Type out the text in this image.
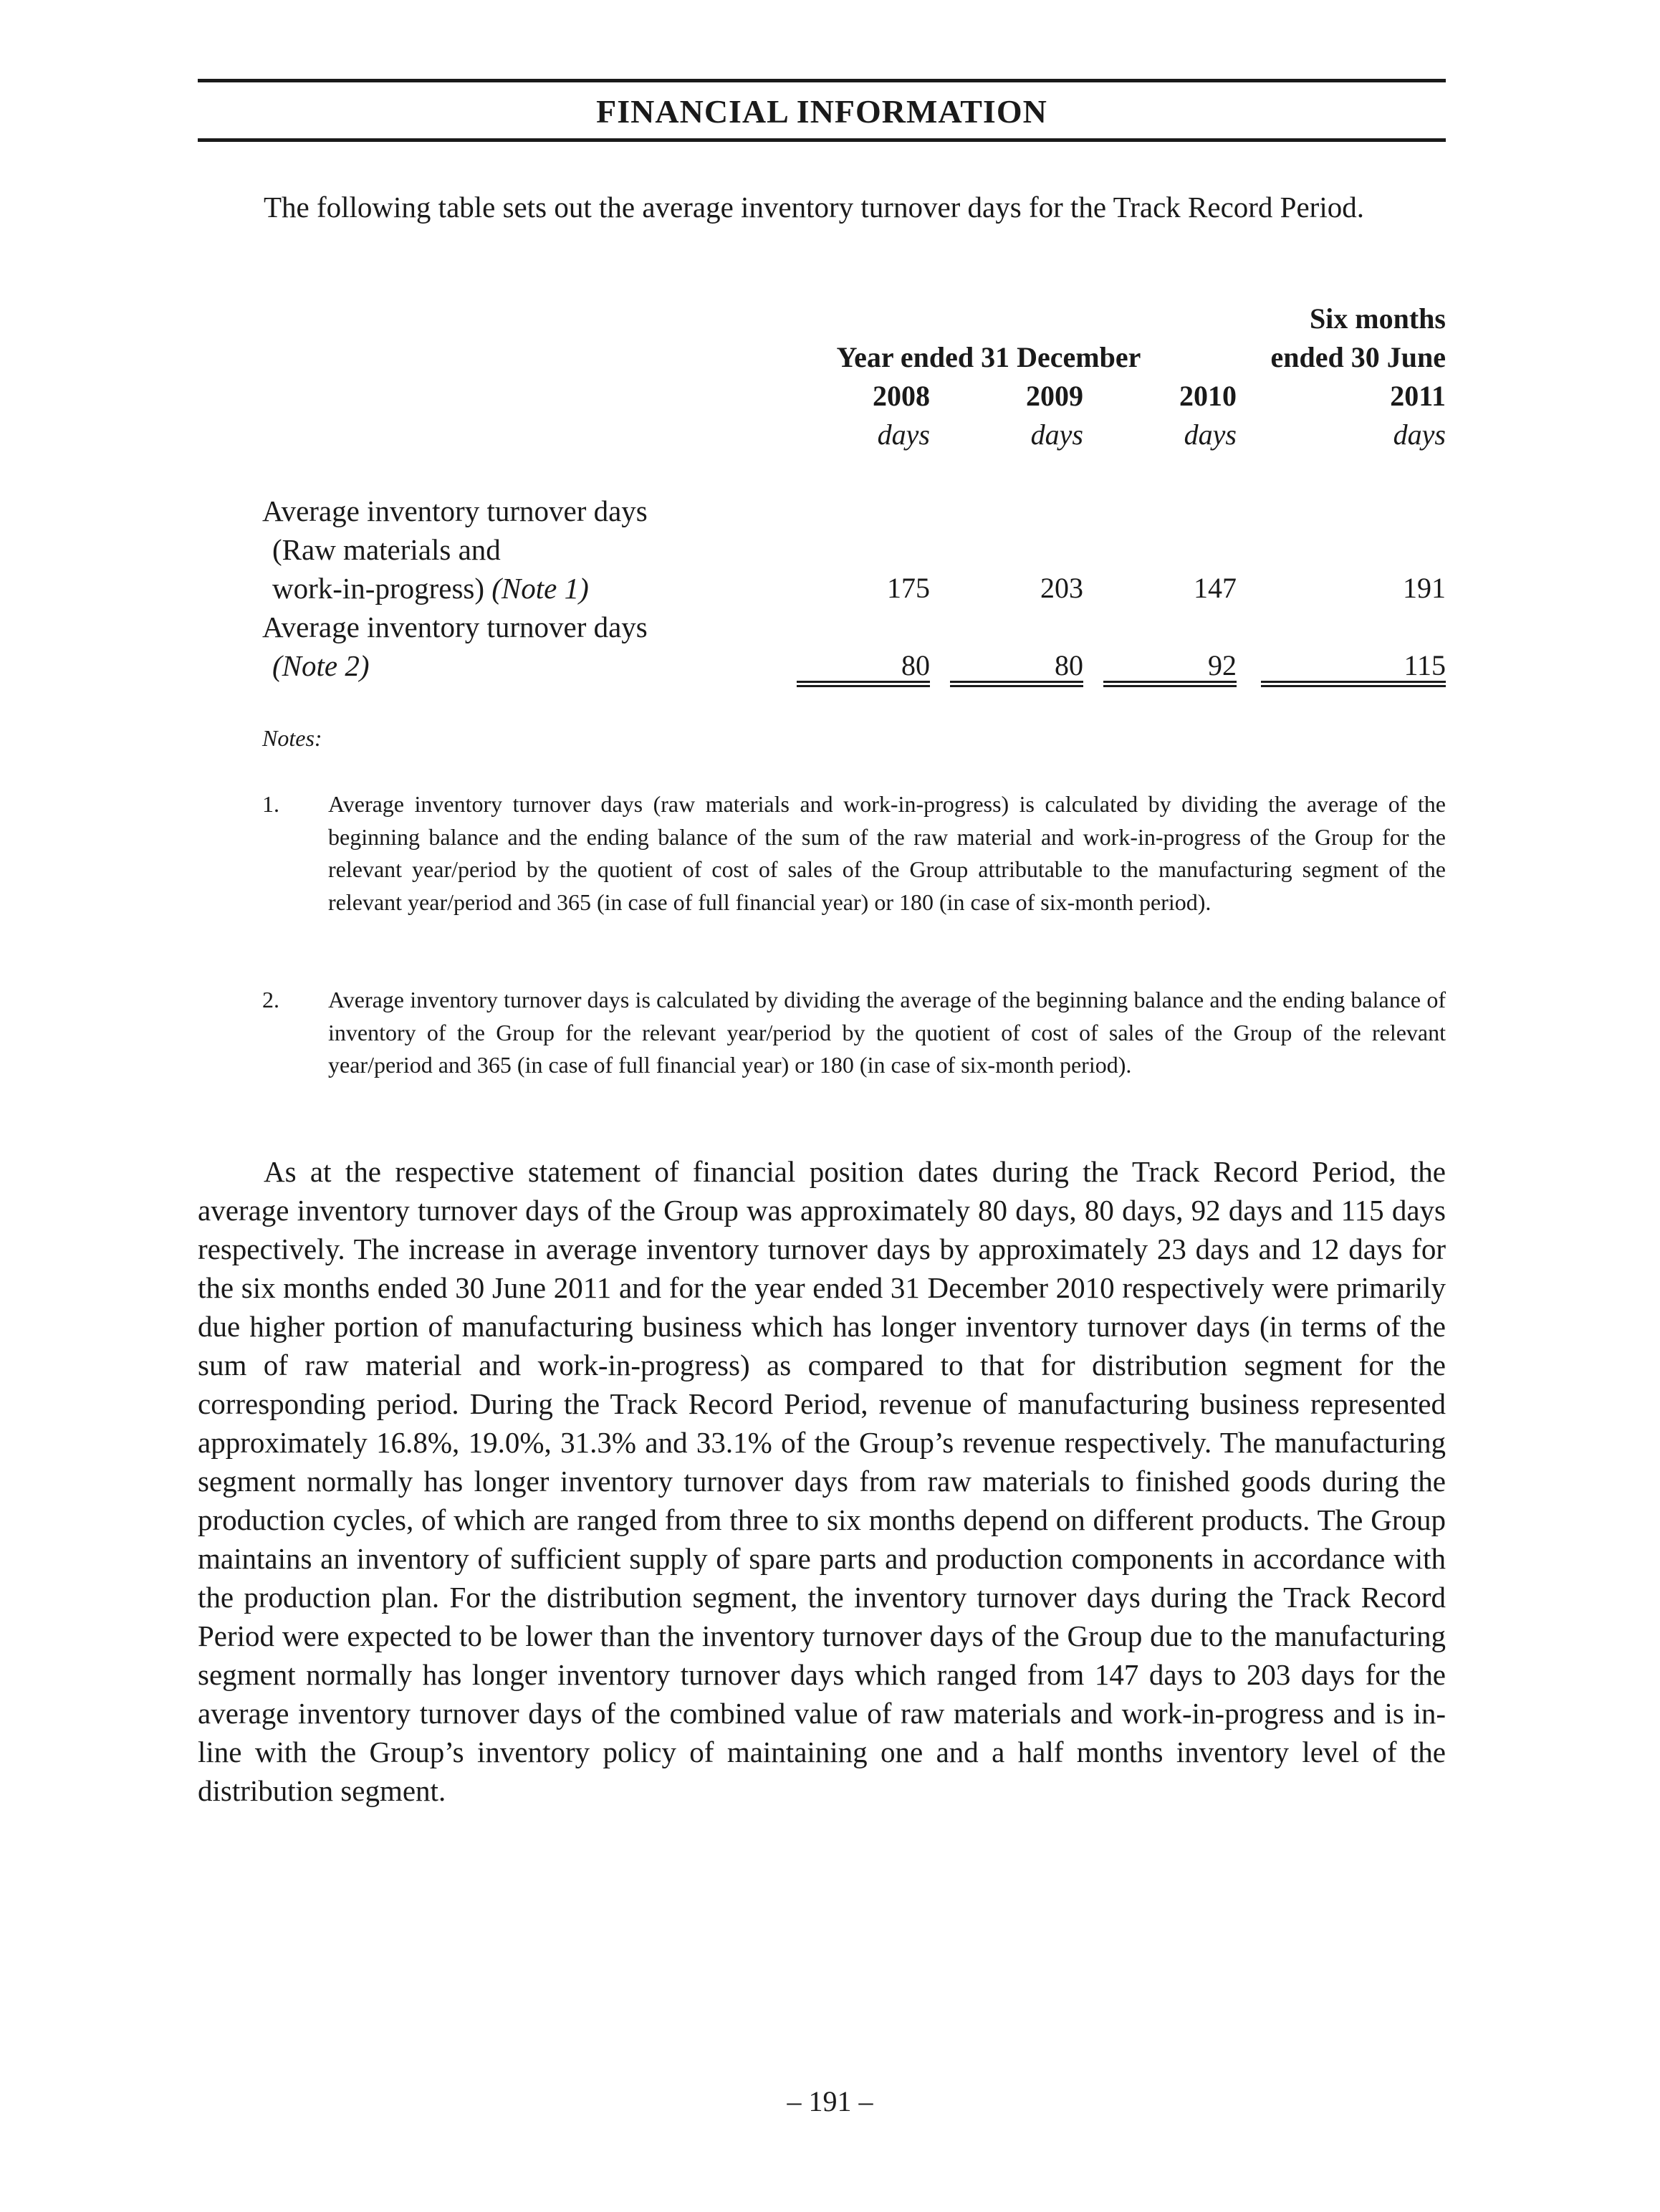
FINANCIAL INFORMATION
The following table sets out the average inventory turnover days for the Track Record Period.
Six months
Year ended 31 December	ended 30 June
2008	2009	2010	2011
days	days	days	days
Average inventory turnover days
(Raw materials and
work-in-progress) (Note 1)	175	203	147	191
Average inventory turnover days
(Note 2)	80	80	92	115
Notes:
1. Average inventory turnover days (raw materials and work-in-progress) is calculated by dividing the average of the beginning balance and the ending balance of the sum of the raw material and work-in-progress of the Group for the relevant year/period by the quotient of cost of sales of the Group attributable to the manufacturing segment of the relevant year/period and 365 (in case of full financial year) or 180 (in case of six-month period).
2. Average inventory turnover days is calculated by dividing the average of the beginning balance and the ending balance of inventory of the Group for the relevant year/period by the quotient of cost of sales of the Group of the relevant year/period and 365 (in case of full financial year) or 180 (in case of six-month period).
As at the respective statement of financial position dates during the Track Record Period, the average inventory turnover days of the Group was approximately 80 days, 80 days, 92 days and 115 days respectively. The increase in average inventory turnover days by approximately 23 days and 12 days for the six months ended 30 June 2011 and for the year ended 31 December 2010 respectively were primarily due higher portion of manufacturing business which has longer inventory turnover days (in terms of the sum of raw material and work-in-progress) as compared to that for distribution segment for the corresponding period. During the Track Record Period, revenue of manufacturing business represented approximately 16.8%, 19.0%, 31.3% and 33.1% of the Group’s revenue respectively. The manufacturing segment normally has longer inventory turnover days from raw materials to finished goods during the production cycles, of which are ranged from three to six months depend on different products. The Group maintains an inventory of sufficient supply of spare parts and production components in accordance with the production plan. For the distribution segment, the inventory turnover days during the Track Record Period were expected to be lower than the inventory turnover days of the Group due to the manufacturing segment normally has longer inventory turnover days which ranged from 147 days to 203 days for the average inventory turnover days of the combined value of raw materials and work-in-progress and is in-line with the Group’s inventory policy of maintaining one and a half months inventory level of the distribution segment.
– 191 –
